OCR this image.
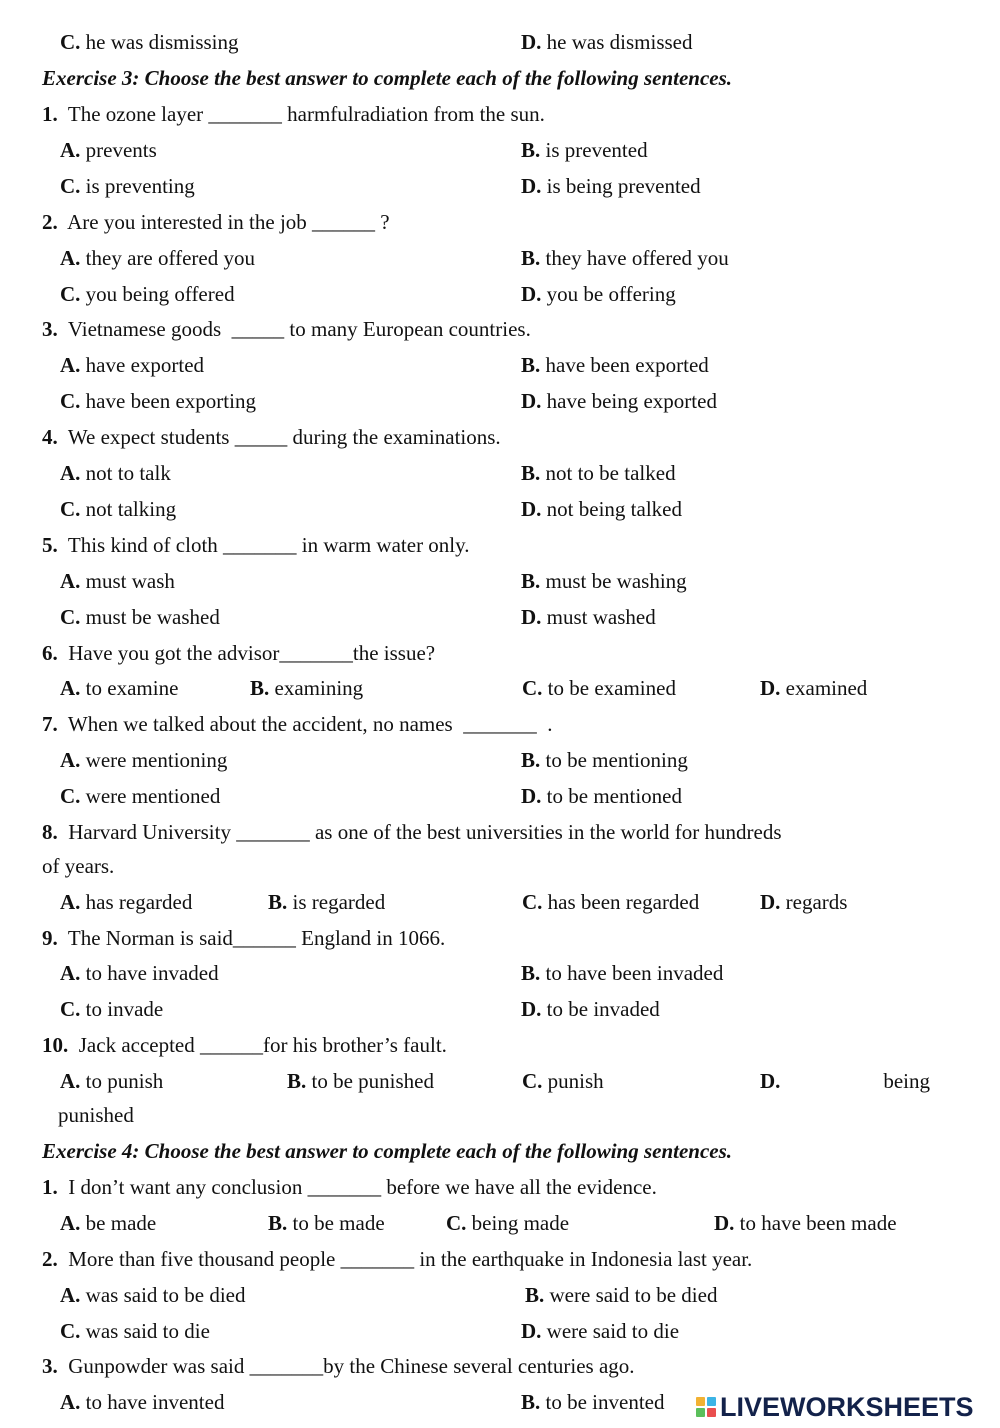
C. he was dismissing	D. he was dismissed
Exercise 3: Choose the best answer to complete each of the following sentences.
1. The ozone layer _______ harmfulradiation from the sun.
A. prevents	B. is prevented
C. is preventing	D. is being prevented
2. Are you interested in the job ______ ?
A. they are offered you	B. they have offered you
C. you being offered	D. you be offering
3. Vietnamese goods  _____ to many European countries.
A. have exported	B. have been exported
C. have been exporting	D. have being exported
4. We expect students _____ during the examinations.
A. not to talk	B. not to be talked
C. not talking	D. not being talked
5. This kind of cloth _______ in warm water only.
A. must wash	B. must be washing
C. must be washed	D. must washed
6. Have you got the advisor_______the issue?
A. to examine	B. examining	C. to be examined	D. examined
7. When we talked about the accident, no names  _______  .
A. were mentioning	B. to be mentioning
C. were mentioned	D. to be mentioned
8. Harvard University _______ as one of the best universities in the world for hundreds
of years.
A. has regarded	B. is regarded	C. has been regarded	D. regards
9. The Norman is said______ England in 1066.
A. to have invaded	B. to have been invaded
C. to invade	D. to be invaded
10. Jack accepted ______for his brother’s fault.
A. to punish	B. to be punished	C. punish	D.	being
punished
Exercise 4: Choose the best answer to complete each of the following sentences.
1. I don’t want any conclusion _______ before we have all the evidence.
A. be made	B. to be made	C. being made	D. to have been made
2. More than five thousand people _______ in the earthquake in Indonesia last year.
A. was said to be died	B. were said to be died
C. was said to die	D. were said to die
3. Gunpowder was said _______by the Chinese several centuries ago.
A. to have invented	B. to be invented LIVEWORKSHEETS
